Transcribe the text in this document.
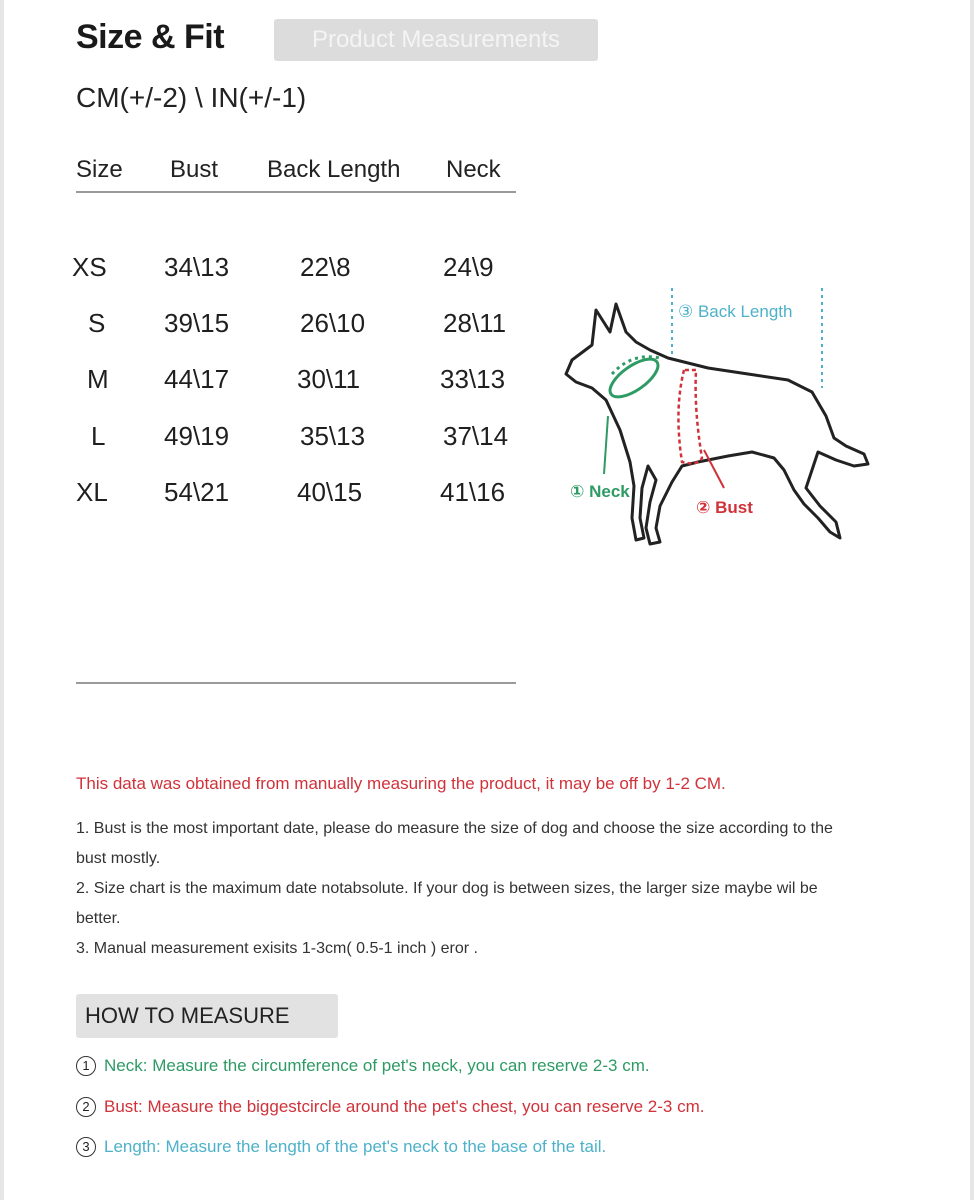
Size & Fit	Product Measurements
CM(+/-2) \ IN(+/-1)
Size Bust Back Length Neck
XS 34\13	22\8	24\9
S 39\15	26\10	28\11
M 44\17	30\11	33\13
L 49\19	35\13	37\14
XL 54\21	40\15	41\16
③ Back Length
① Neck
② Bust
This data was obtained from manually measuring the product, it may be off by 1-2 CM.
1. Bust is the most important date, please do measure the size of dog and choose the size according to the bust mostly.
2. Size chart is the maximum date notabsolute. If your dog is between sizes, the larger size maybe wil be better.
3. Manual measurement exisits 1-3cm( 0.5-1 inch ) eror .
HOW TO MEASURE
1 Neck: Measure the circumference of pet's neck, you can reserve 2-3 cm.
2 Bust: Measure the biggestcircle around the pet's chest, you can reserve 2-3 cm.
3 Length: Measure the length of the pet's neck to the base of the tail.
